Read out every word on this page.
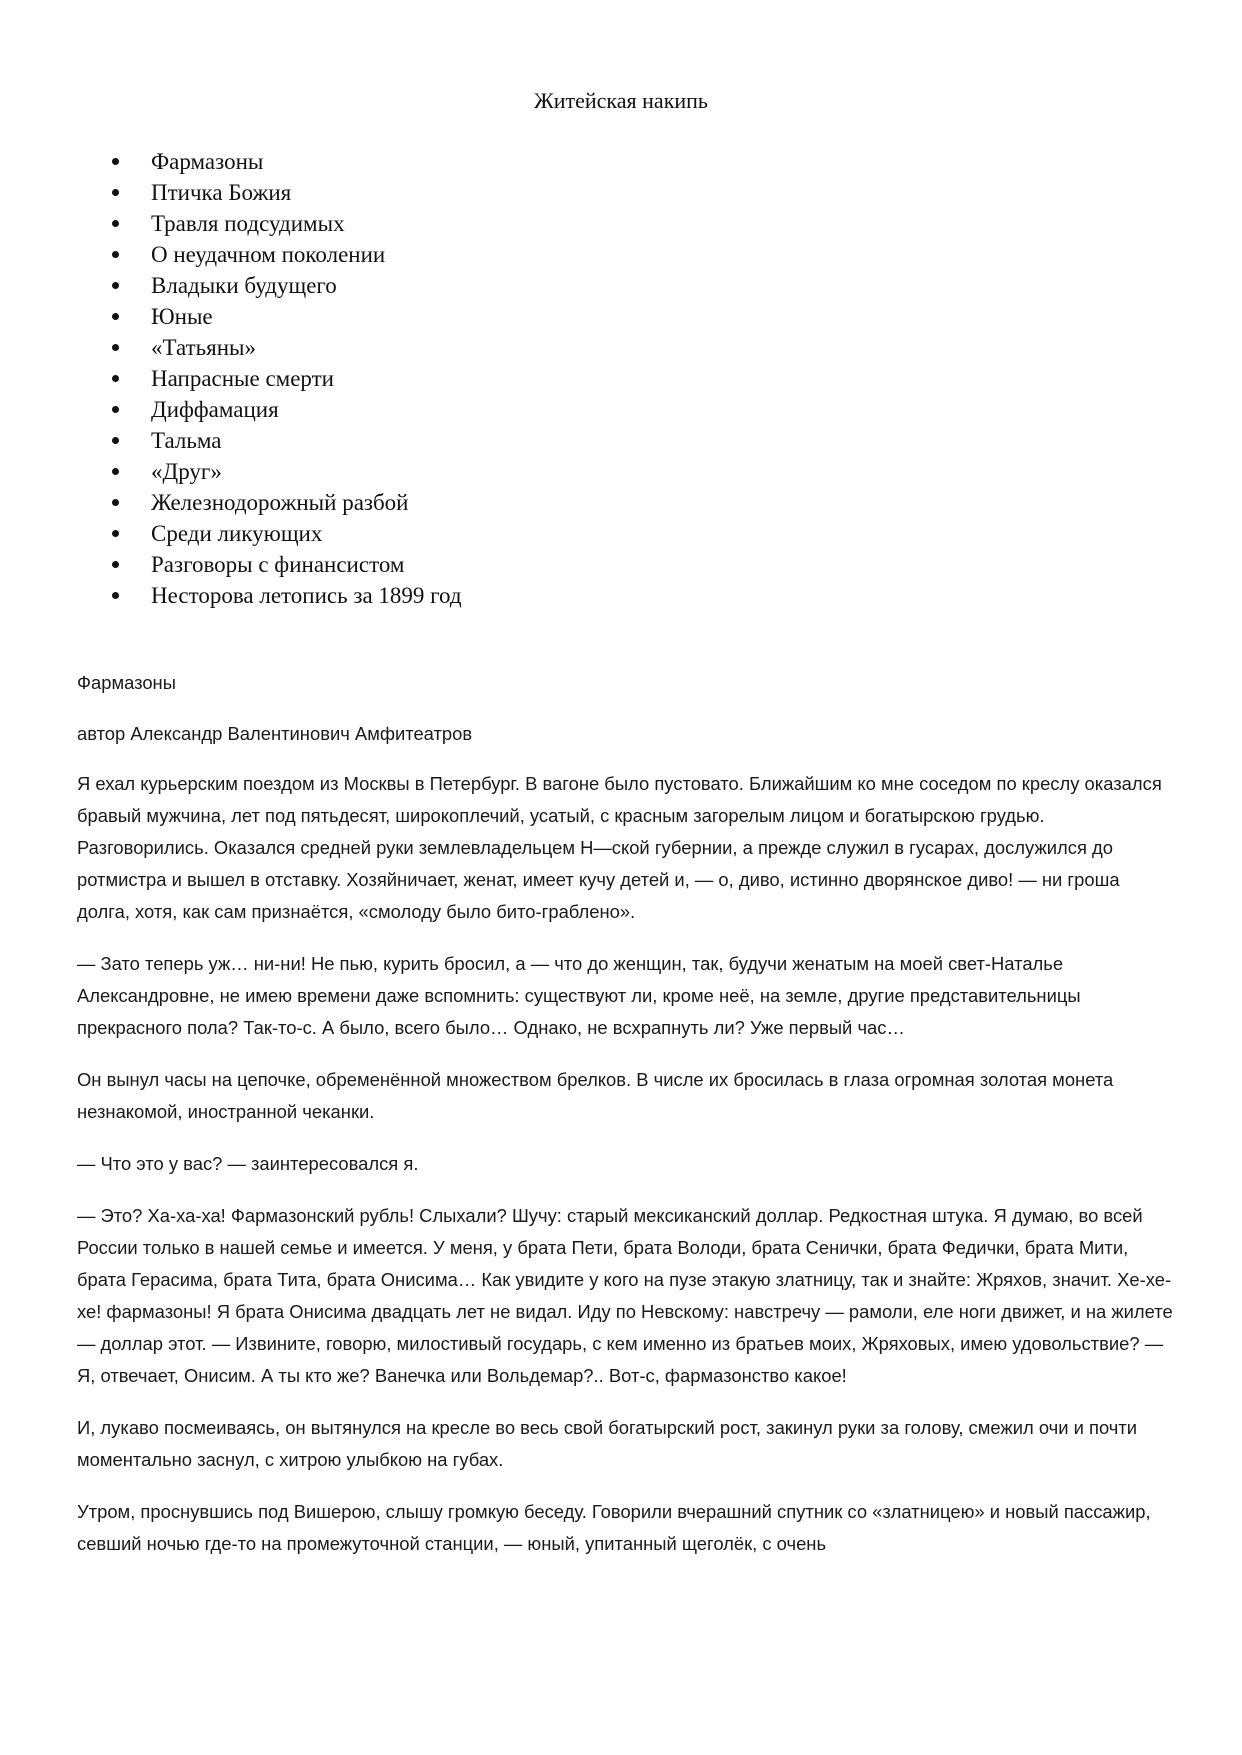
Житейская накипь
Фармазоны
Птичка Божия
Травля подсудимых
О неудачном поколении
Владыки будущего
Юные
«Татьяны»
Напрасные смерти
Диффамация
Тальма
«Друг»
Железнодорожный разбой
Среди ликующих
Разговоры с финансистом
Несторова летопись за 1899 год

Фармазоны

автор Александр Валентинович Амфитеатров

Я ехал курьерским поездом из Москвы в Петербург. В вагоне было пустовато. Ближайшим ко мне соседом по креслу оказался бравый мужчина, лет под пятьдесят, широкоплечий, усатый, с красным загорелым лицом и богатырскою грудью. Разговорились. Оказался средней руки землевладельцем Н—ской губернии, а прежде служил в гусарах, дослужился до ротмистра и вышел в отставку. Хозяйничает, женат, имеет кучу детей и, — о, диво, истинно дворянское диво! — ни гроша долга, хотя, как сам признаётся, «смолоду было бито-граблено».

— Зато теперь уж… ни-ни! Не пью, курить бросил, а — что до женщин, так, будучи женатым на моей свет-Наталье Александровне, не имею времени даже вспомнить: существуют ли, кроме неё, на земле, другие представительницы прекрасного пола? Так-то-с. А было, всего было… Однако, не всхрапнуть ли? Уже первый час…

Он вынул часы на цепочке, обременённой множеством брелков. В числе их бросилась в глаза огромная золотая монета незнакомой, иностранной чеканки.

— Что это у вас? — заинтересовался я.

— Это? Ха-ха-ха! Фармазонский рубль! Слыхали? Шучу: старый мексиканский доллар. Редкостная штука. Я думаю, во всей России только в нашей семье и имеется. У меня, у брата Пети, брата Володи, брата Сенички, брата Федички, брата Мити, брата Герасима, брата Тита, брата Онисима… Как увидите у кого на пузе этакую златницу, так и знайте: Жряхов, значит. Хе-хе-хе! фармазоны! Я брата Онисима двадцать лет не видал. Иду по Невскому: навстречу — рамоли, еле ноги движет, и на жилете — доллар этот. — Извините, говорю, милостивый государь, с кем именно из братьев моих, Жряховых, имею удовольствие? — Я, отвечает, Онисим. А ты кто же? Ванечка или Вольдемар?.. Вот-с, фармазонство какое!

И, лукаво посмеиваясь, он вытянулся на кресле во весь свой богатырский рост, закинул руки за голову, смежил очи и почти моментально заснул, с хитрою улыбкою на губах.

Утром, проснувшись под Вишерою, слышу громкую беседу. Говорили вчерашний спутник со «златницею» и новый пассажир, севший ночью где-то на промежуточной станции, — юный, упитанный щеголёк, с очень
